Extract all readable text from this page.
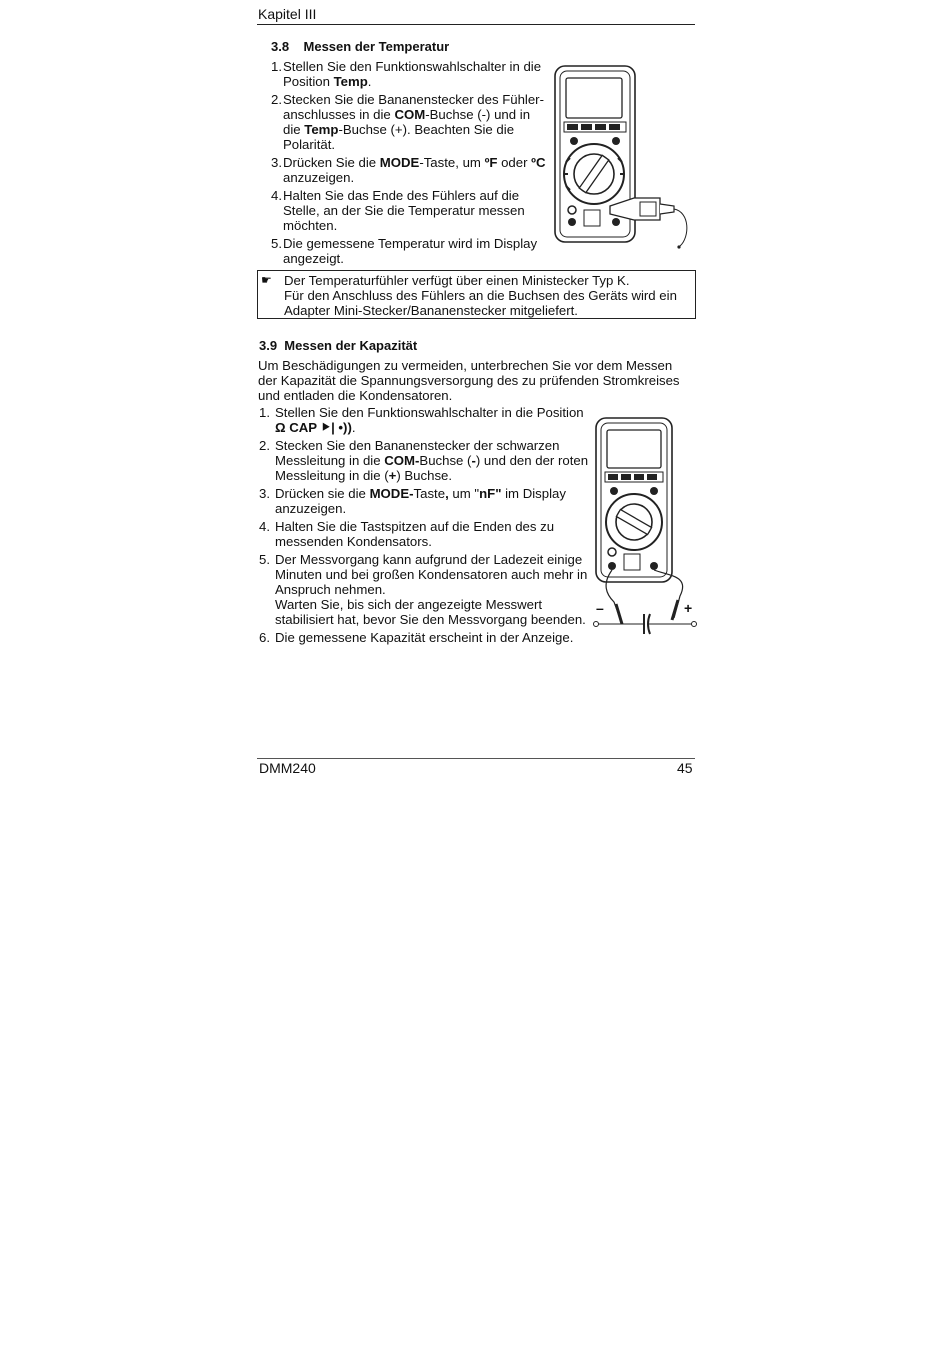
Kapitel III
3.8    Messen der Temperatur
1. Stellen Sie den Funktionswahlschalter in die
Position Temp.
2. Stecken Sie die Bananenstecker des Fühler-
anschlusses in die COM-Buchse (-) und in
die Temp-Buchse (+). Beachten Sie die
Polarität.
3. Drücken Sie die MODE-Taste, um ºF oder ºC
anzuzeigen.
4. Halten Sie das Ende des Fühlers auf die
Stelle, an der Sie die Temperatur messen
möchten.
5. Die gemessene Temperatur wird im Display
angezeigt.
☛ Der Temperaturfühler verfügt über einen Ministecker Typ K.
Für den Anschluss des Fühlers an die Buchsen des Geräts wird ein
Adapter Mini-Stecker/Bananenstecker mitgeliefert.
3.9  Messen der Kapazität
Um Beschädigungen zu vermeiden, unterbrechen Sie vor dem Messen
der Kapazität die Spannungsversorgung des zu prüfenden Stromkreises
und entladen die Kondensatoren.
1. Stellen Sie den Funktionswahlschalter in die Position
Ω CAP ⯈| •)).
2. Stecken Sie den Bananenstecker der schwarzen
Messleitung in die COM-Buchse (-) und den der roten
Messleitung in die (+) Buchse.
3. Drücken sie die MODE-Taste, um "nF" im Display
anzuzeigen.
4. Halten Sie die Tastspitzen auf die Enden des zu
messenden Kondensators.
5. Der Messvorgang kann aufgrund der Ladezeit einige
Minuten und bei großen Kondensatoren auch mehr in
Anspruch nehmen.
Warten Sie, bis sich der angezeigte Messwert
stabilisiert hat, bevor Sie den Messvorgang beenden.
6. Die gemessene Kapazität erscheint in der Anzeige.
–	+
DMM240	45
